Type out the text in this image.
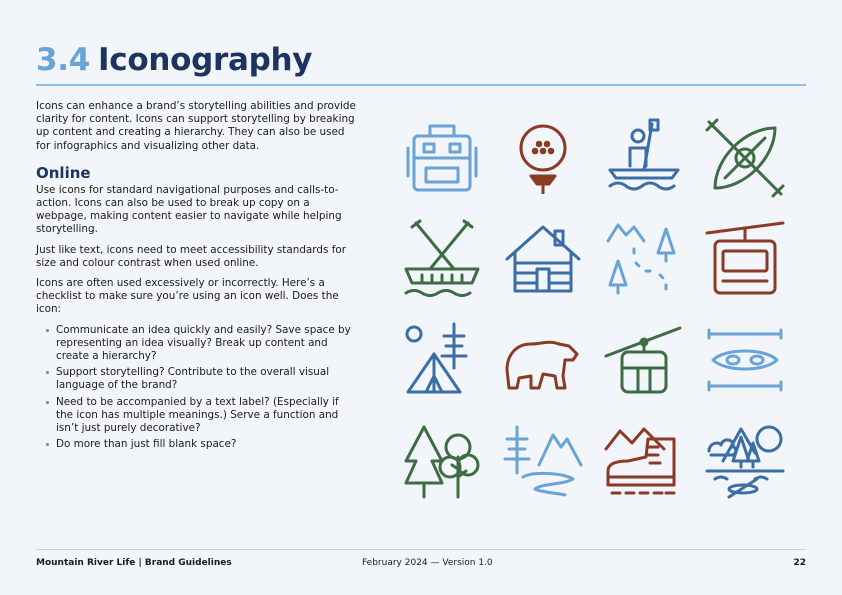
3.4 Iconography

Icons can enhance a brand’s storytelling abilities and provide clarity for content. Icons can support storytelling by breaking up content and creating a hierarchy. They can also be used for infographics and visualizing other data.

Online

Use icons for standard navigational purposes and calls-to-action. Icons can also be used to break up copy on a webpage, making content easier to navigate while helping storytelling.

Just like text, icons need to meet accessibility standards for size and colour contrast when used online.

Icons are often used excessively or incorrectly. Here’s a checklist to make sure you’re using an icon well. Does the icon:

Communicate an idea quickly and easily? Save space by representing an idea visually? Break up content and create a hierarchy?
Support storytelling? Contribute to the overall visual language of the brand?
Need to be accompanied by a text label? (Especially if the icon has multiple meanings.) Serve a function and isn’t just purely decorative?
Do more than just fill blank space?
Mountain River Life | Brand Guidelines	February 2024 — Version 1.0	22
